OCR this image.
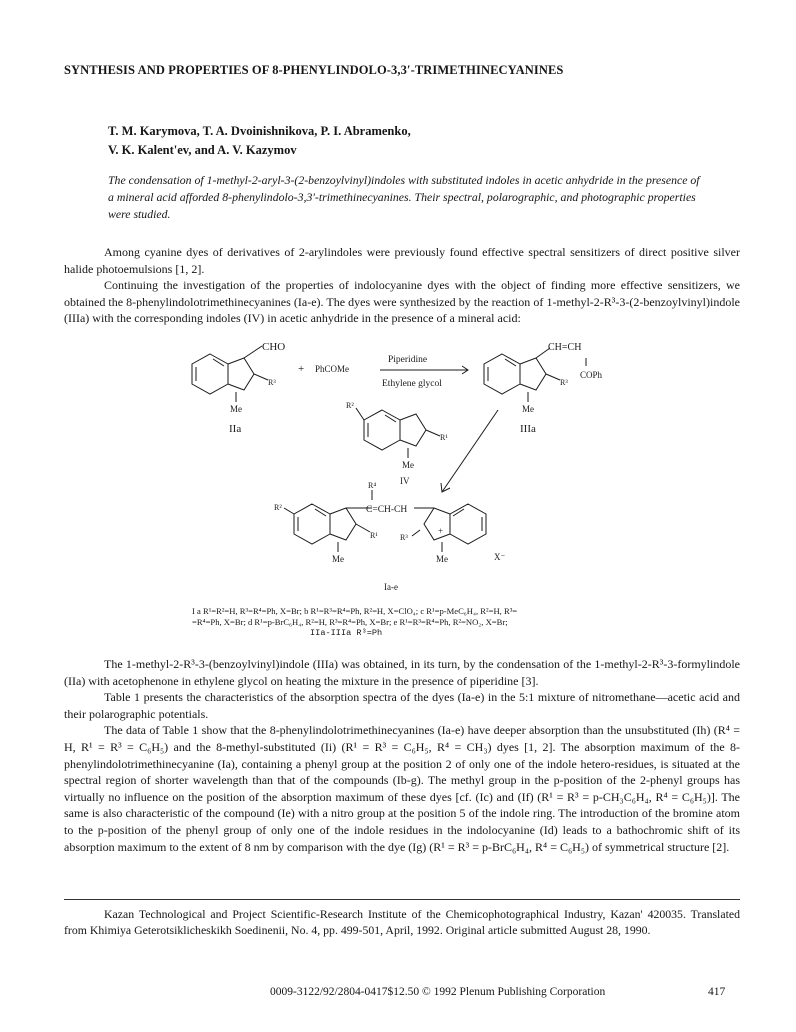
SYNTHESIS AND PROPERTIES OF 8-PHENYLINDOLO-3,3′-TRIMETHINECYANINES
T. M. Karymova, T. A. Dvoinishnikova, P. I. Abramenko,
V. K. Kalent'ev, and A. V. Kazymov
The condensation of 1-methyl-2-aryl-3-(2-benzoylvinyl)indoles with substituted indoles in acetic anhydride in the presence of a mineral acid afforded 8-phenylindolo-3,3′-trimethinecyanines. Their spectral, polarographic, and photographic properties were studied.

Among cyanine dyes of derivatives of 2-arylindoles were previously found effective spectral sensitizers of direct positive silver halide photoemulsions [1, 2].

Continuing the investigation of the properties of indolocyanine dyes with the object of finding more effective sensitizers, we obtained the 8-phenylindolotrimethinecyanines (Ia-e). The dyes were synthesized by the reaction of 1-methyl-2-R³-3-(2-benzoylvinyl)indole (IIIa) with the corresponding indoles (IV) in acetic anhydride in the presence of a mineral acid:

CHO
R³
Me
IIa
+ PhCOMe
Piperidine
Ethylene glycol
CH=CH
COPh
R³
Me
IIIa
R²
R¹
Me
IV
R⁴
C=CH-CH
R²
R¹	R³
+
Me	Me	X⁻
Ia-e
I a R¹=R²=H, R³=R⁴=Ph, X=Br; b R¹=R³=R⁴=Ph, R²=H, X=ClO₄; c R¹=p-MeC₆H₄, R²=H, R³=
=R⁴=Ph, X=Br; d R¹=p-BrC₆H₄, R²=H, R³=R⁴=Ph, X=Br; e R¹=R³=R⁴=Ph, R²=NO₂, X=Br;
IIa-IIIa R³=Ph

The 1-methyl-2-R³-3-(benzoylvinyl)indole (IIIa) was obtained, in its turn, by the condensation of the 1-methyl-2-R³-3-formylindole (IIa) with acetophenone in ethylene glycol on heating the mixture in the presence of piperidine [3].

Table 1 presents the characteristics of the absorption spectra of the dyes (Ia-e) in the 5:1 mixture of nitromethane—acetic acid and their polarographic potentials.

The data of Table 1 show that the 8-phenylindolotrimethinecyanines (Ia-e) have deeper absorption than the unsubstituted (Ih) (R⁴ = H, R¹ = R³ = C₆H₅) and the 8-methyl-substituted (Ii) (R¹ = R³ = C₆H₅, R⁴ = CH₃) dyes [1, 2]. The absorption maximum of the 8-phenylindolotrimethinecyanine (Ia), containing a phenyl group at the position 2 of only one of the indole hetero-residues, is situated at the spectral region of shorter wavelength than that of the compounds (Ib-g). The methyl group in the p-position of the 2-phenyl groups has virtually no influence on the position of the absorption maximum of these dyes [cf. (Ic) and (If) (R¹ = R³ = p-CH₃C₆H₄, R⁴ = C₆H₅)]. The same is also characteristic of the compound (Ie) with a nitro group at the position 5 of the indole ring. The introduction of the bromine atom to the p-position of the phenyl group of only one of the indole residues in the indolocyanine (Id) leads to a bathochromic shift of its absorption maximum to the extent of 8 nm by comparison with the dye (Ig) (R¹ = R³ = p-BrC₆H₄, R⁴ = C₆H₅) of symmetrical structure [2].

Kazan Technological and Project Scientific-Research Institute of the Chemicophotographical Industry, Kazan' 420035. Translated from Khimiya Geterotsiklicheskikh Soedinenii, No. 4, pp. 499-501, April, 1992. Original article submitted August 28, 1990.
0009-3122/92/2804-0417$12.50 © 1992 Plenum Publishing Corporation	417
